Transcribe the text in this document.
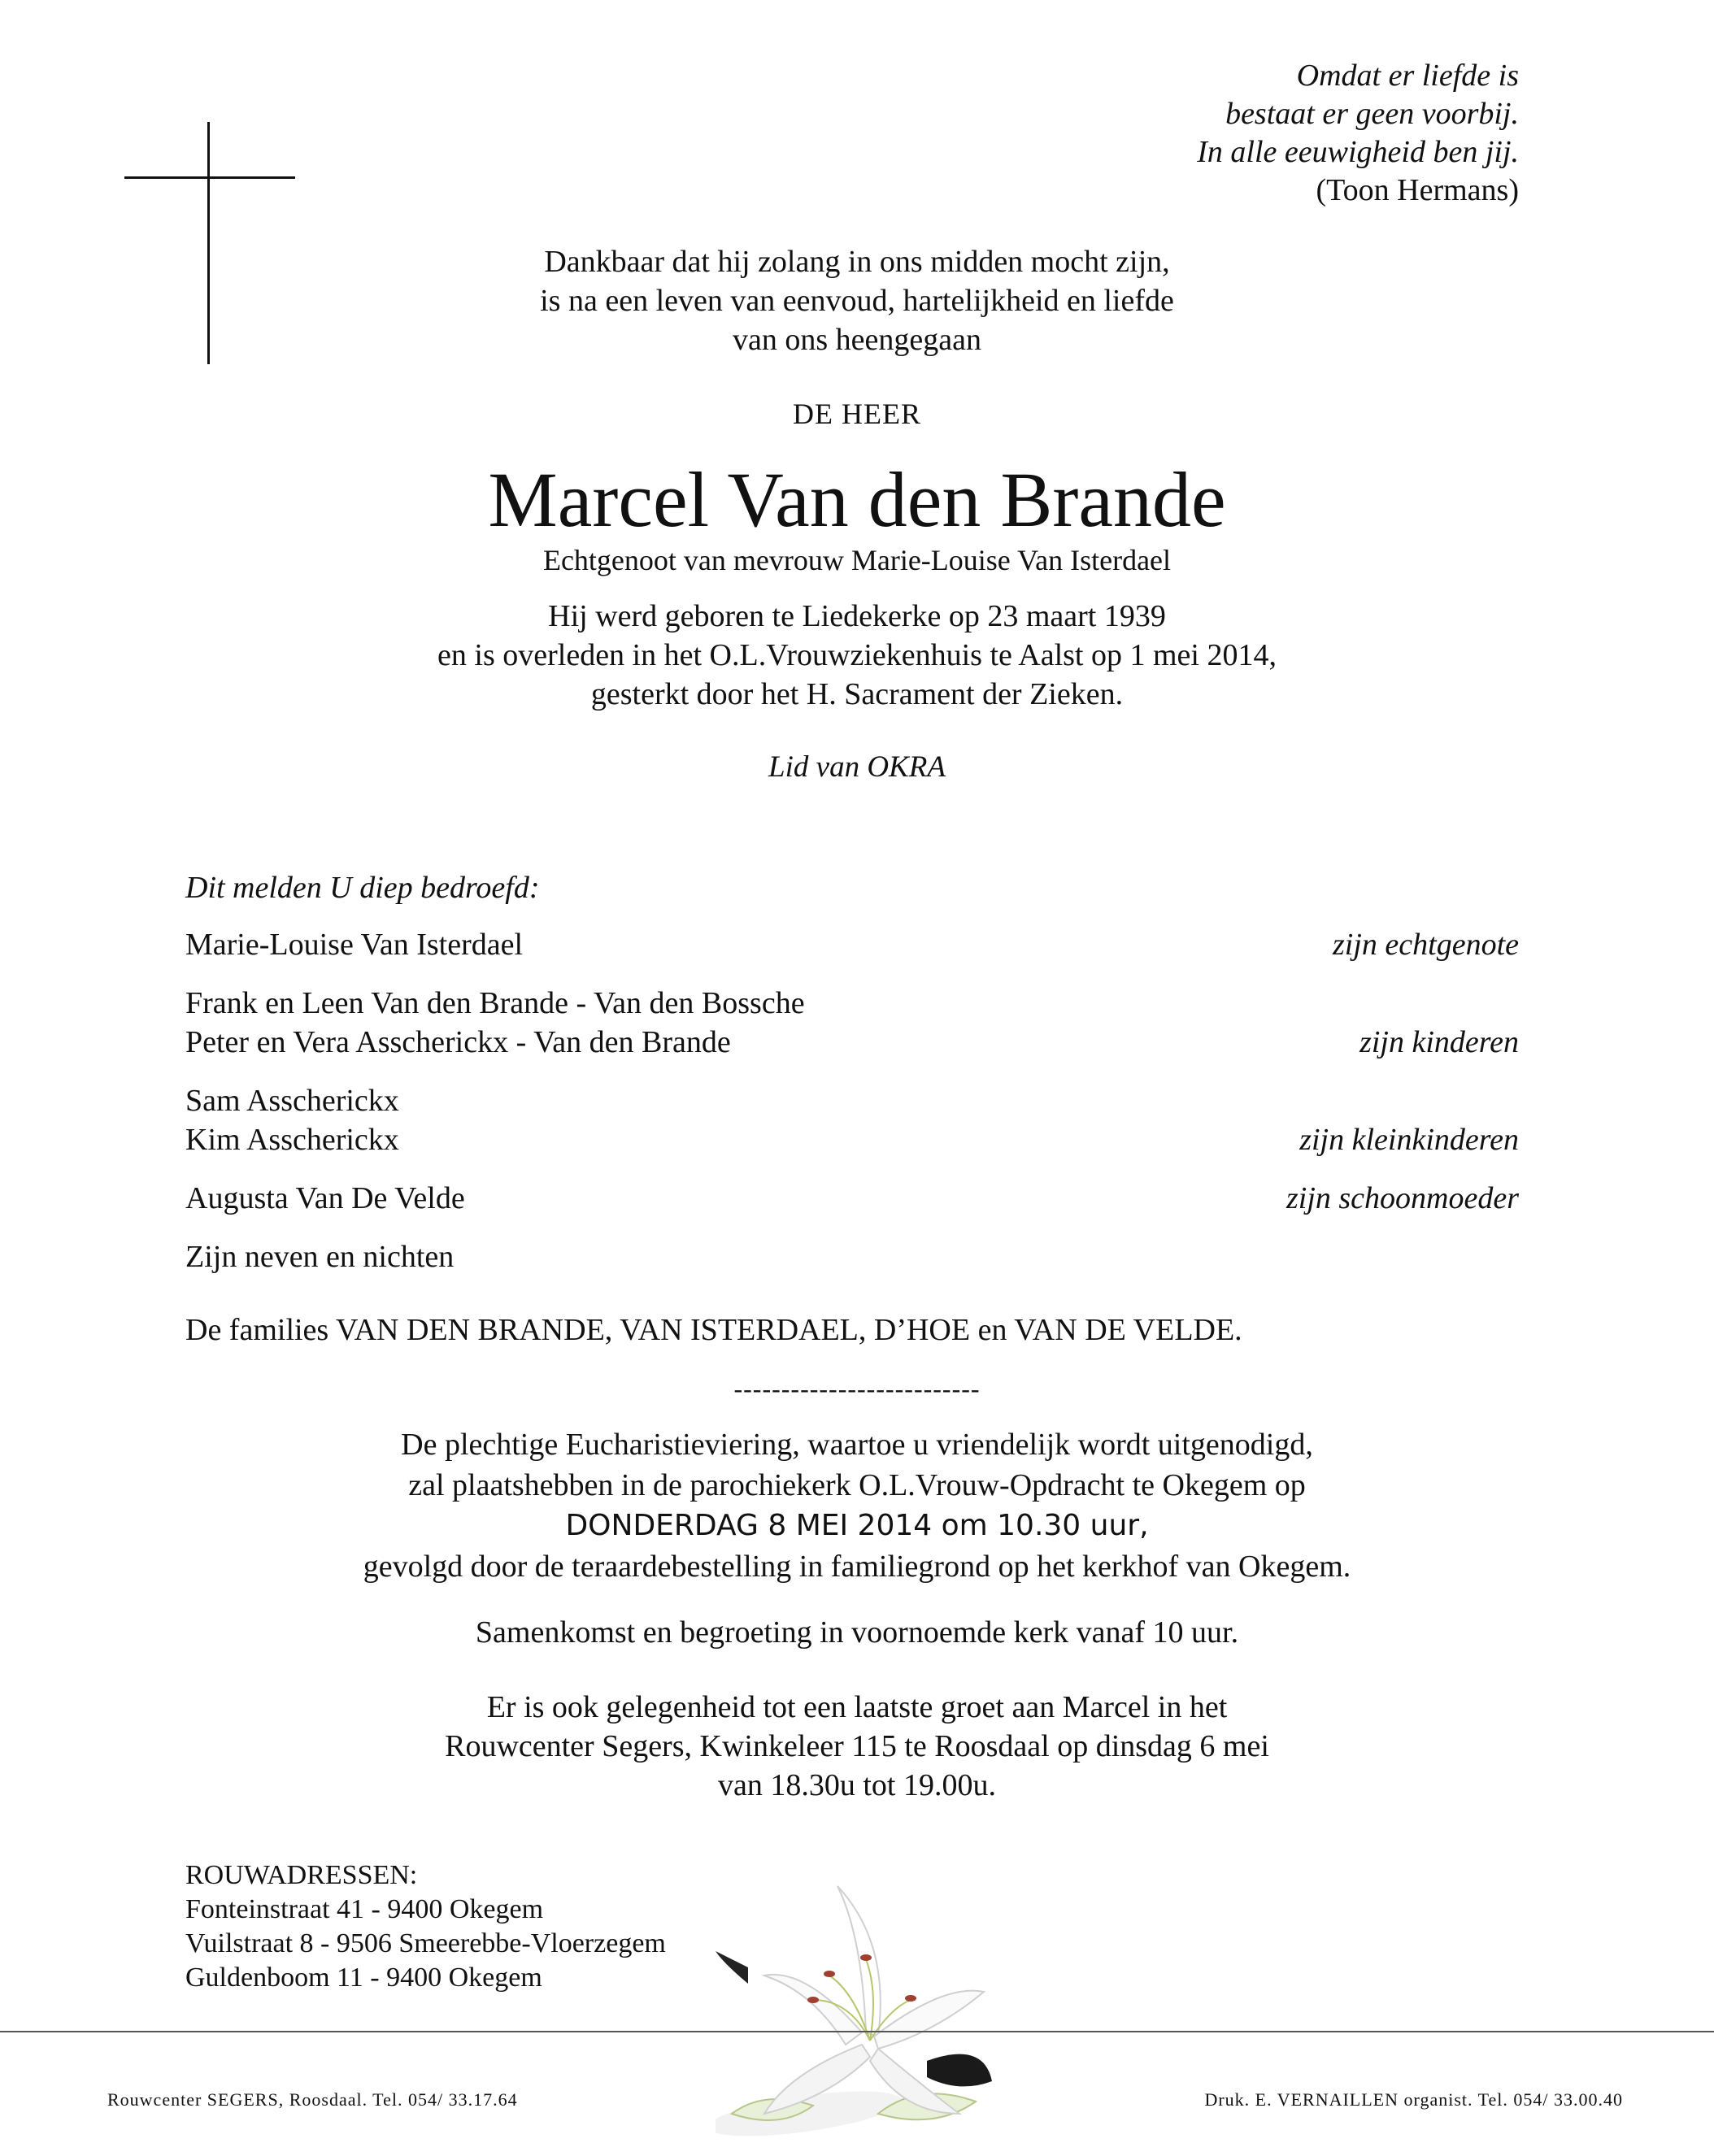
Omdat er liefde is
bestaat er geen voorbij.
In alle eeuwigheid ben jij.
(Toon Hermans)
Dankbaar dat hij zolang in ons midden mocht zijn,
is na een leven van eenvoud, hartelijkheid en liefde
van ons heengegaan
DE HEER
Marcel Van den Brande
Echtgenoot van mevrouw Marie-Louise Van Isterdael
Hij werd geboren te Liedekerke op 23 maart 1939
en is overleden in het O.L.Vrouwziekenhuis te Aalst op 1 mei 2014,
gesterkt door het H. Sacrament der Zieken.
Lid van OKRA
Dit melden U diep bedroefd:
Marie-Louise Van Isterdael	zijn echtgenote
Frank en Leen Van den Brande - Van den Bossche
Peter en Vera Asscherickx - Van den Brande	zijn kinderen
Sam Asscherickx
Kim Asscherickx	zijn kleinkinderen
Augusta Van De Velde	zijn schoonmoeder
Zijn neven en nichten
De families VAN DEN BRANDE, VAN ISTERDAEL, D’HOE en VAN DE VELDE.
--------------------------
De plechtige Eucharistieviering, waartoe u vriendelijk wordt uitgenodigd,
zal plaatshebben in de parochiekerk O.L.Vrouw-Opdracht te Okegem op
DONDERDAG 8 MEI 2014 om 10.30 uur,
gevolgd door de teraardebestelling in familiegrond op het kerkhof van Okegem.
Samenkomst en begroeting in voornoemde kerk vanaf 10 uur.
Er is ook gelegenheid tot een laatste groet aan Marcel in het
Rouwcenter Segers, Kwinkeleer 115 te Roosdaal op dinsdag 6 mei
van 18.30u tot 19.00u.
ROUWADRESSEN:
Fonteinstraat 41 - 9400 Okegem
Vuilstraat 8 - 9506 Smeerebbe-Vloerzegem
Guldenboom 11 - 9400 Okegem
Rouwcenter SEGERS, Roosdaal. Tel. 054/ 33.17.64	Druk. E. VERNAILLEN organist. Tel. 054/ 33.00.40
